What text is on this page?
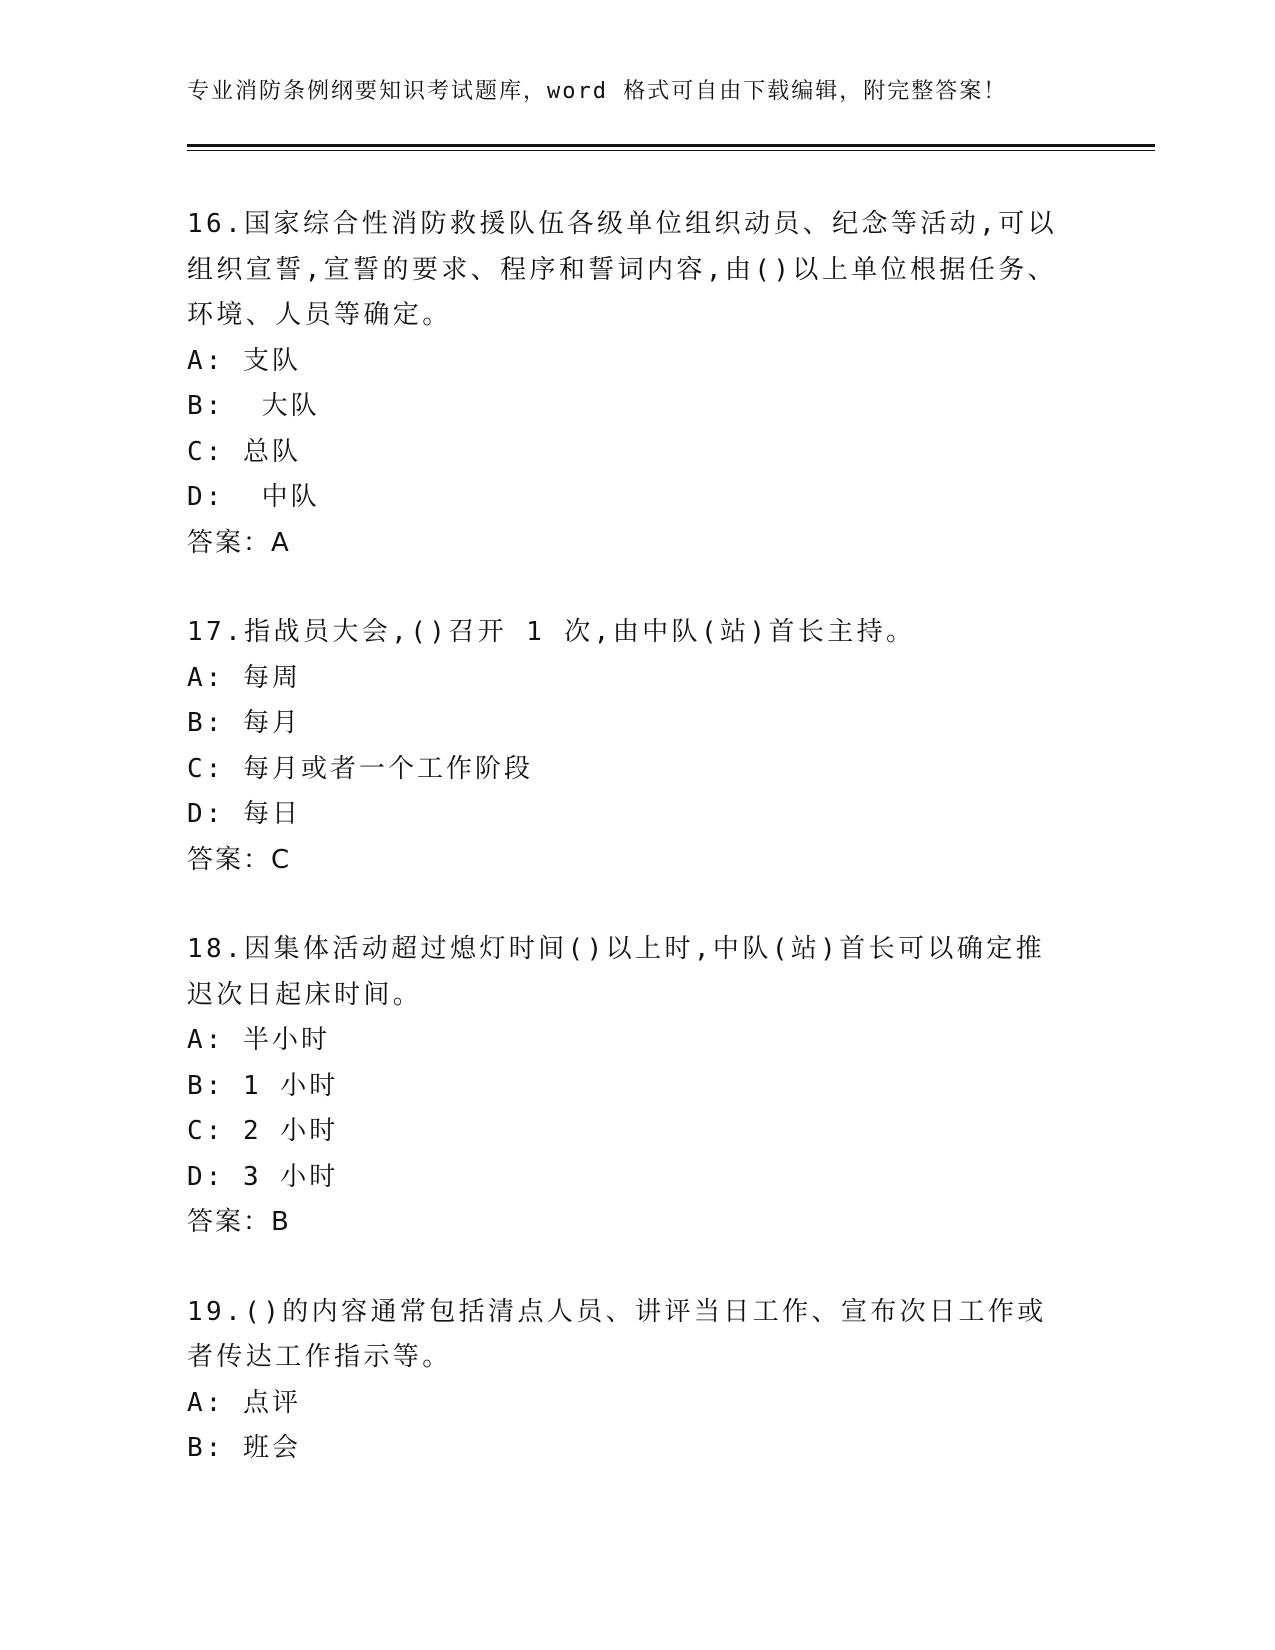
专业消防条例纲要知识考试题库，word 格式可自由下载编辑，附完整答案！

16.国家综合性消防救援队伍各级单位组织动员、纪念等活动,可以组织宣誓,宣誓的要求、程序和誓词内容,由()以上单位根据任务、环境、人员等确定。

A: 支队

B:  大队

C: 总队

D:  中队

答案：A

17.指战员大会,()召开 1 次,由中队(站)首长主持。

A: 每周

B: 每月

C: 每月或者一个工作阶段

D: 每日

答案：C

18.因集体活动超过熄灯时间()以上时,中队(站)首长可以确定推迟次日起床时间。

A: 半小时

B: 1 小时

C: 2 小时

D: 3 小时

答案：B

19.()的内容通常包括清点人员、讲评当日工作、宣布次日工作或者传达工作指示等。

A: 点评

B: 班会
